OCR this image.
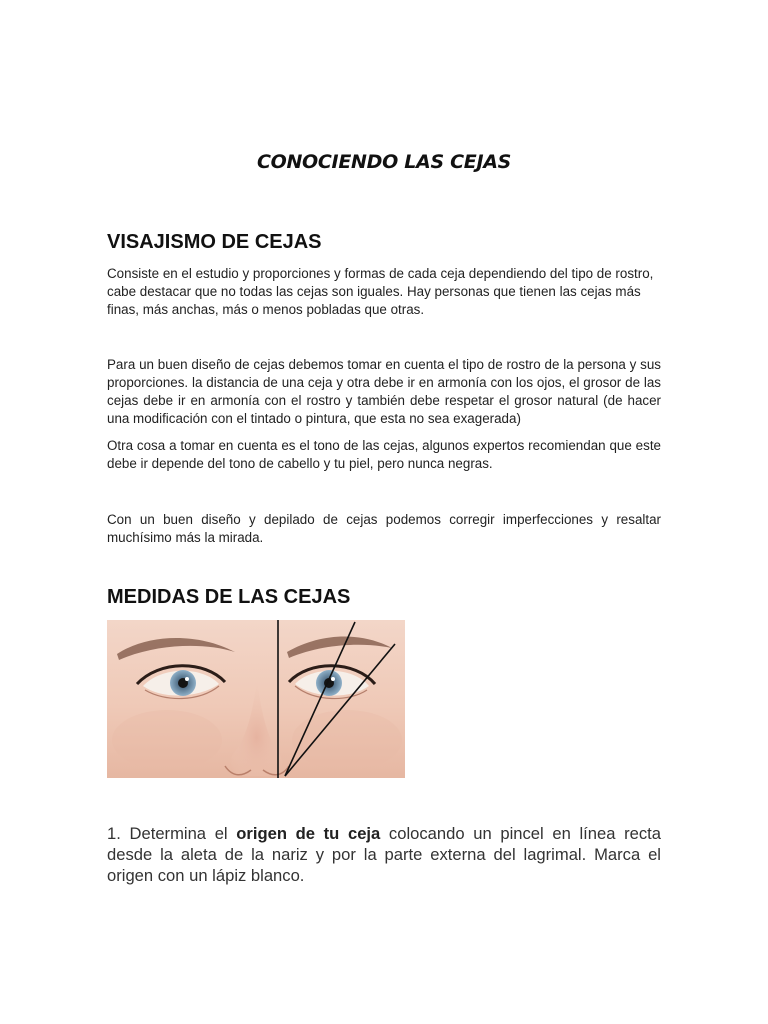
CONOCIENDO LAS CEJAS
VISAJISMO DE CEJAS

Consiste en el estudio y proporciones y formas de cada ceja dependiendo del tipo de rostro, cabe destacar que no todas las cejas son iguales. Hay personas que tienen las cejas más finas, más anchas, más o menos pobladas que otras.

Para un buen diseño de cejas debemos tomar en cuenta el tipo de rostro de la persona y sus proporciones. la distancia de una ceja y otra debe ir en armonía con los ojos, el grosor de las cejas debe ir en armonía con el rostro y también debe respetar el grosor natural (de hacer una modificación con el tintado o pintura, que esta no sea exagerada)

Otra cosa a tomar en cuenta es el tono de las cejas, algunos expertos recomiendan que este debe ir depende del tono de cabello y tu piel, pero nunca negras.

Con un buen diseño y depilado de cejas podemos corregir imperfecciones y resaltar muchísimo más la mirada.

MEDIDAS DE LAS CEJAS

1. Determina el origen de tu ceja colocando un pincel en línea recta desde la aleta de la nariz y por la parte externa del lagrimal. Marca el origen con un lápiz blanco.
